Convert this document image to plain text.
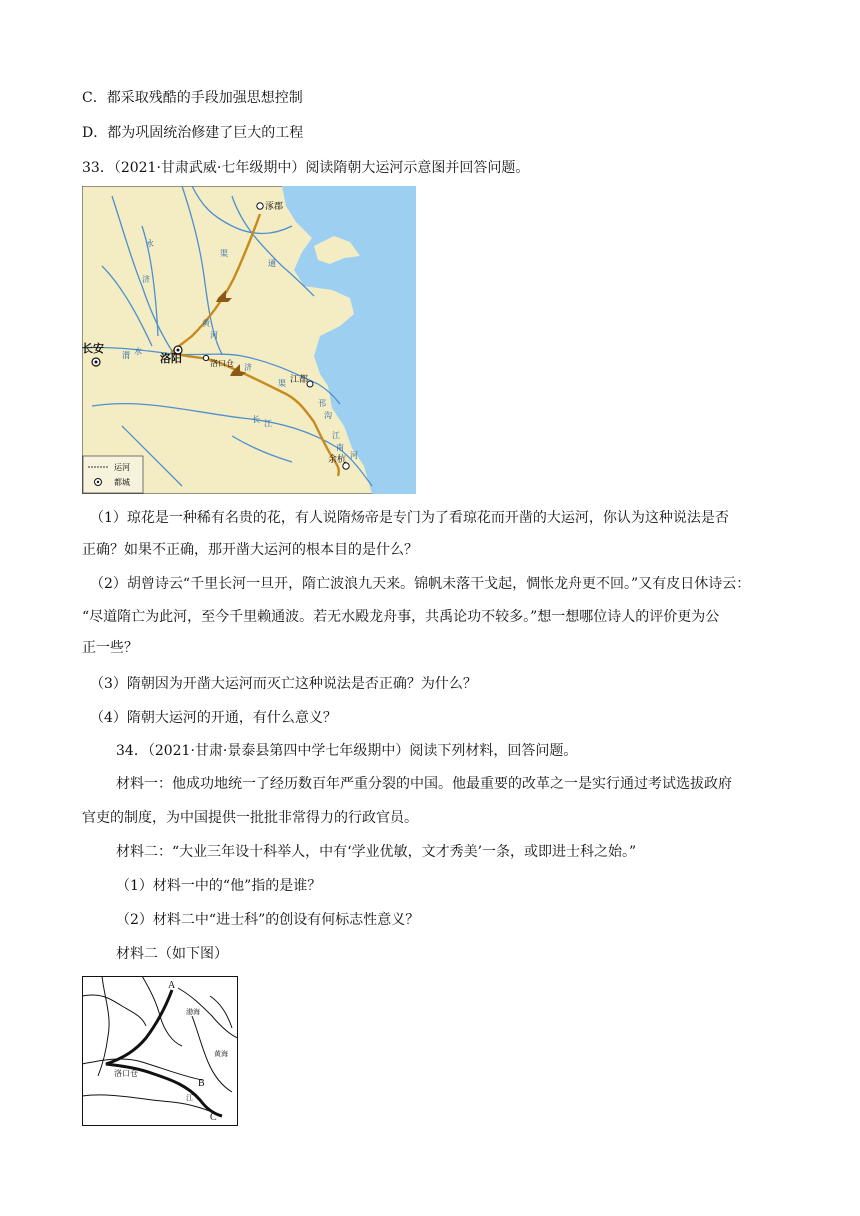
C．都采取残酷的手段加强思想控制
D．都为巩固统治修建了巨大的工程
33．（2021·甘肃武威·七年级期中）阅读隋朝大运河示意图并回答问题。
涿郡
长安
洛阳	洛口仓
江都
余杭
永
济
渠
通
济
渠
邗
沟
江
南
河
黄
河
长 江
渭 水
运河
都城
（1）琼花是一种稀有名贵的花，有人说隋炀帝是专门为了看琼花而开凿的大运河，你认为这种说法是否
正确？如果不正确，那开凿大运河的根本目的是什么？
（2）胡曾诗云“千里长河一旦开，隋亡波浪九天来。锦帆未落干戈起，惆怅龙舟更不回。”又有皮日休诗云：
“尽道隋亡为此河，至今千里赖通波。若无水殿龙舟事，共禹论功不较多。”想一想哪位诗人的评价更为公
正一些？
（3）隋朝因为开凿大运河而灭亡这种说法是否正确？为什么？
（4）隋朝大运河的开通，有什么意义？
34．（2021·甘肃·景泰县第四中学七年级期中）阅读下列材料，回答问题。
材料一：他成功地统一了经历数百年严重分裂的中国。他最重要的改革之一是实行通过考试选拔政府
官吏的制度，为中国提供一批批非常得力的行政官员。
材料二：“大业三年设十科举人，中有‘学业优敏，文才秀美’一条，或即进士科之始。”
（1）材料一中的“他”指的是谁？
（2）材料二中“进士科”的创设有何标志性意义？
材料二（如下图）
A
B
C
洛口仓
渤海
黄海
江
